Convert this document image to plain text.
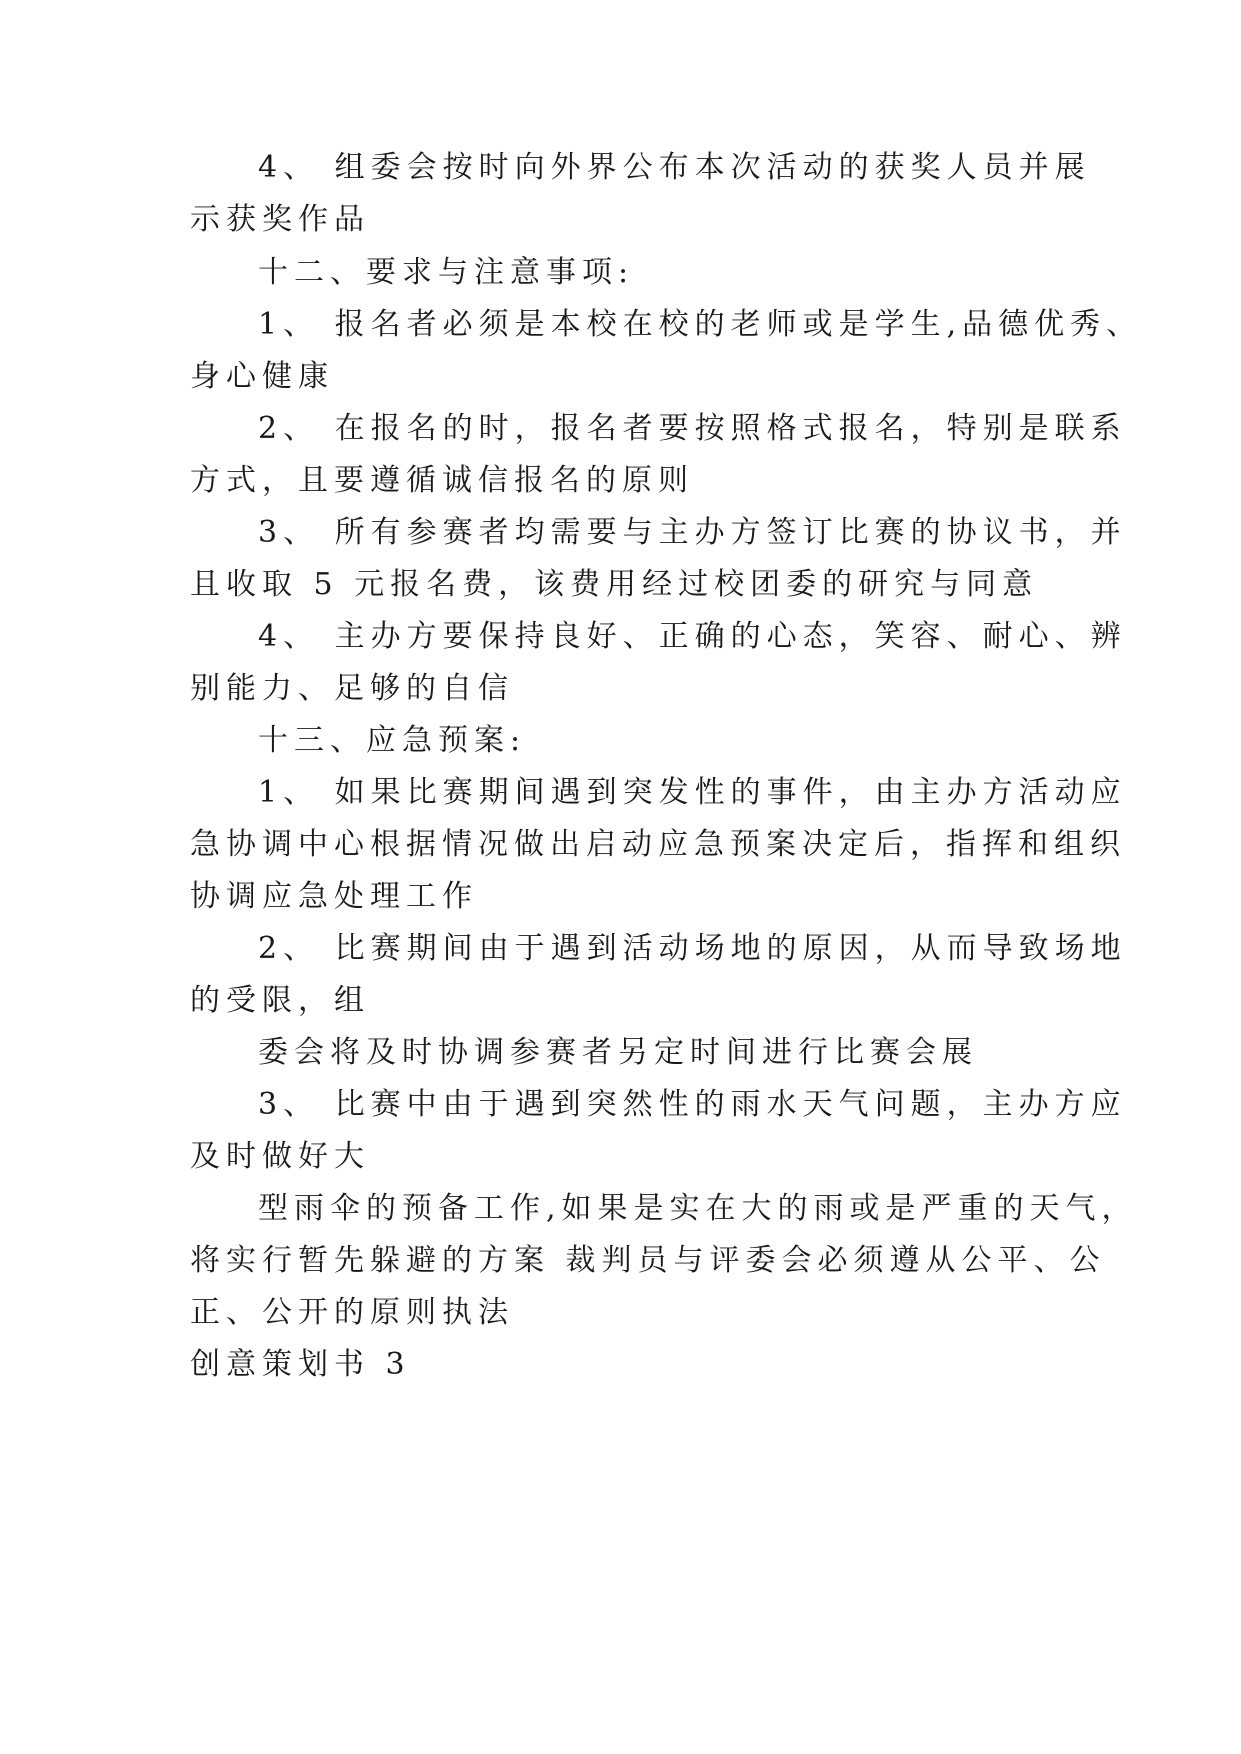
4、 组委会按时向外界公布本次活动的获奖人员并展
示获奖作品
十二、要求与注意事项:
1、 报名者必须是本校在校的老师或是学生,品德优秀、
身心健康
2、 在报名的时，报名者要按照格式报名，特别是联系
方式，且要遵循诚信报名的原则
3、 所有参赛者均需要与主办方签订比赛的协议书，并
且收取 5 元报名费，该费用经过校团委的研究与同意
4、 主办方要保持良好、正确的心态，笑容、耐心、辨
别能力、足够的自信
十三、应急预案:
1、 如果比赛期间遇到突发性的事件，由主办方活动应
急协调中心根据情况做出启动应急预案决定后，指挥和组织
协调应急处理工作
2、 比赛期间由于遇到活动场地的原因，从而导致场地
的受限，组
委会将及时协调参赛者另定时间进行比赛会展
3、 比赛中由于遇到突然性的雨水天气问题，主办方应
及时做好大
型雨伞的预备工作,如果是实在大的雨或是严重的天气，
将实行暂先躲避的方案 裁判员与评委会必须遵从公平、公
正、公开的原则执法
创意策划书 3
